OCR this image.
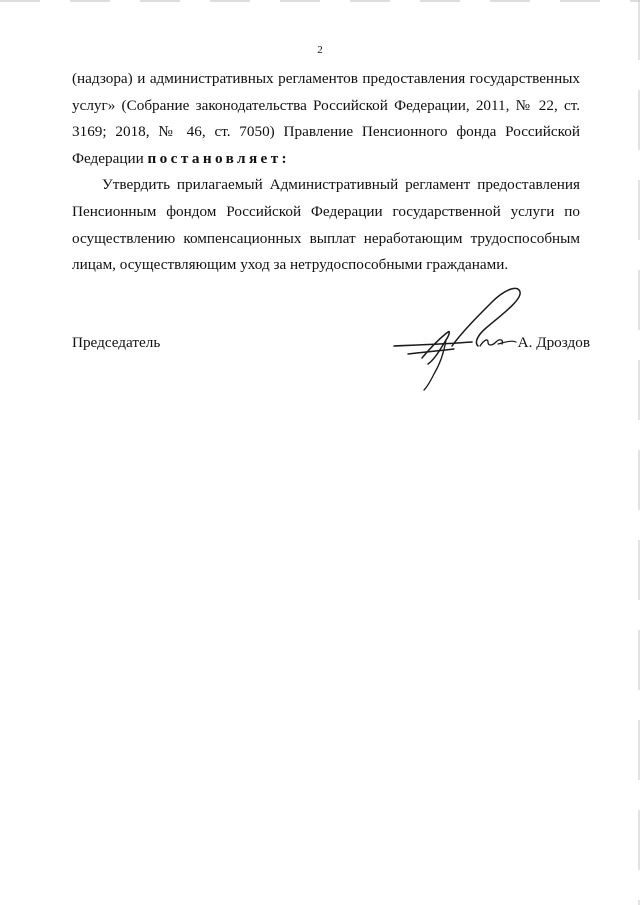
2

(надзора) и административных регламентов предоставления государственных услуг» (Собрание законодательства Российской Федерации, 2011, № 22, ст. 3169; 2018, № 46, ст. 7050) Правление Пенсионного фонда Российской Федерации постановляет:

Утвердить прилагаемый Административный регламент предоставления Пенсионным фондом Российской Федерации государственной услуги по осуществлению компенсационных выплат неработающим трудоспособным лицам, осуществляющим уход за нетрудоспособными гражданами.

Председатель	А. Дроздов
